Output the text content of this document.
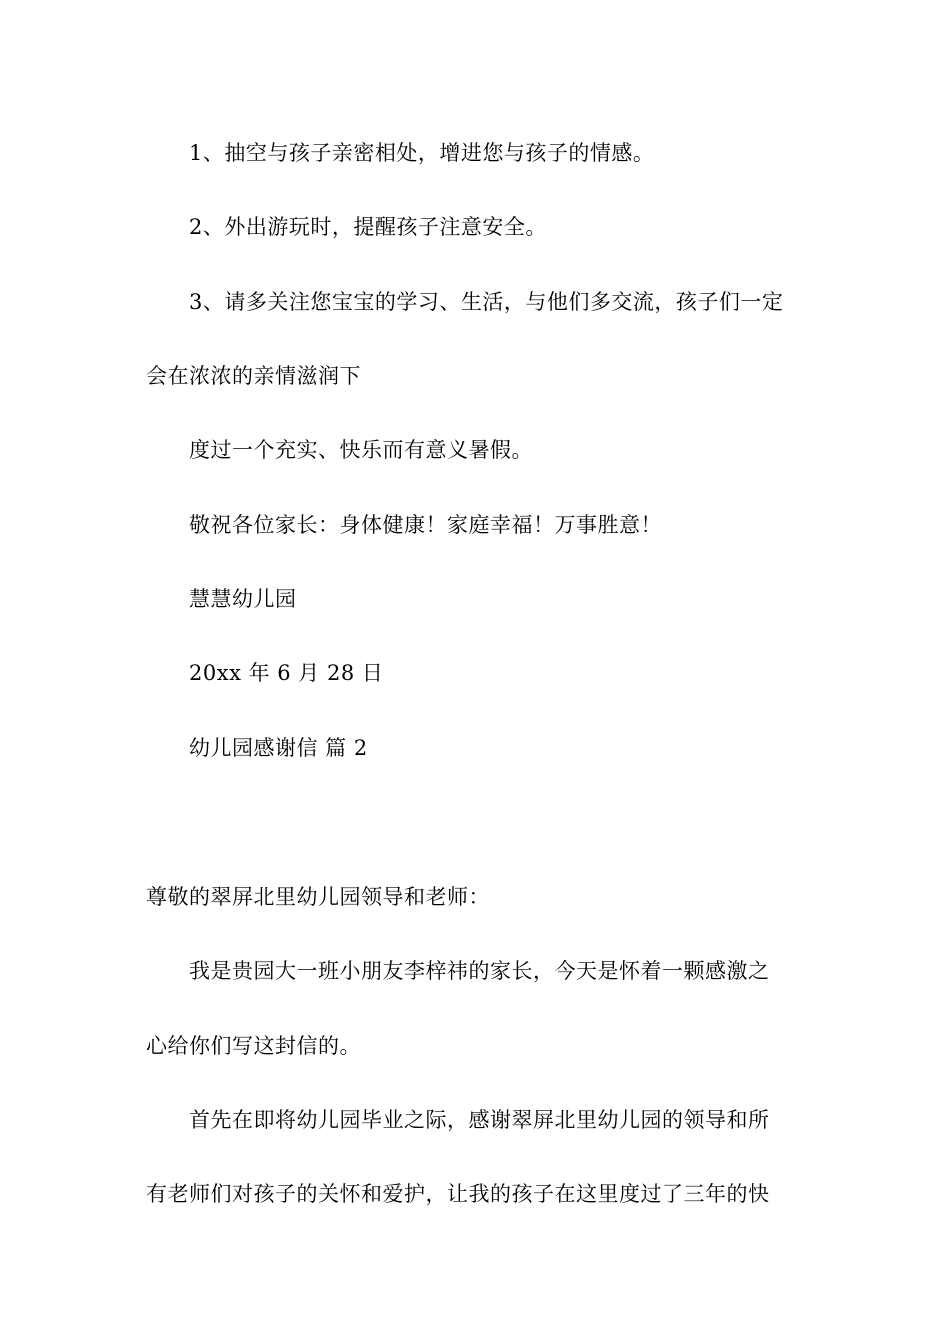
1、抽空与孩子亲密相处，增进您与孩子的情感。
2、外出游玩时，提醒孩子注意安全。
3、请多关注您宝宝的学习、生活，与他们多交流，孩子们一定
会在浓浓的亲情滋润下
度过一个充实、快乐而有意义暑假。
敬祝各位家长：身体健康！家庭幸福！万事胜意！
慧慧幼儿园
20xx 年 6 月 28 日
幼儿园感谢信 篇 2
尊敬的翠屏北里幼儿园领导和老师：
我是贵园大一班小朋友李梓祎的家长，今天是怀着一颗感激之
心给你们写这封信的。
首先在即将幼儿园毕业之际，感谢翠屏北里幼儿园的领导和所
有老师们对孩子的关怀和爱护，让我的孩子在这里度过了三年的快
